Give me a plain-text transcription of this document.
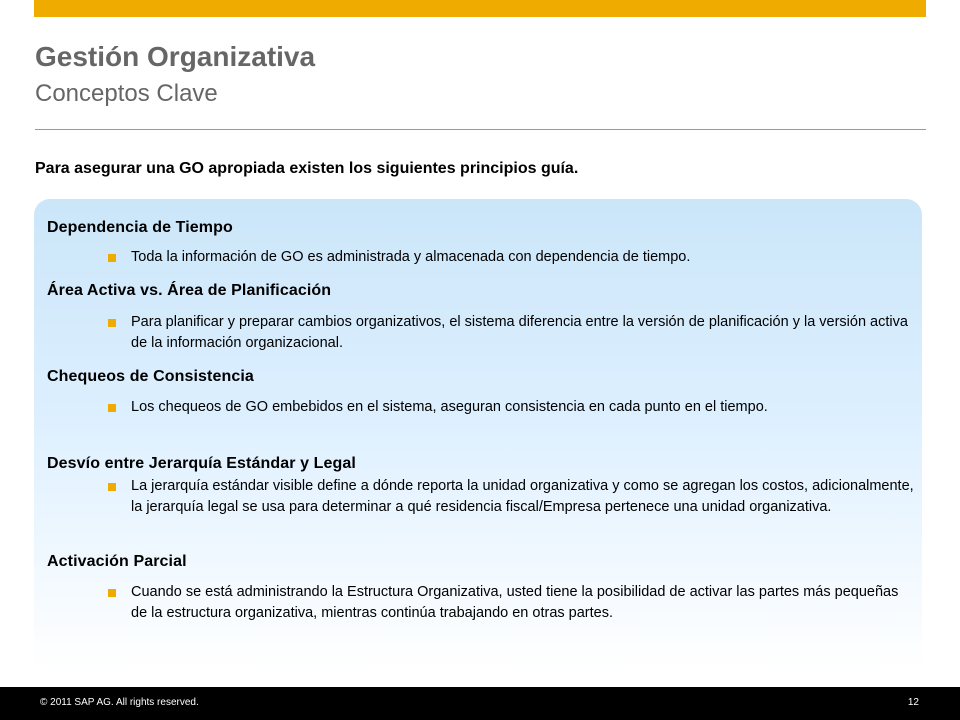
Gestión Organizativa
Conceptos Clave
Para asegurar una GO apropiada existen los siguientes principios guía.
Dependencia de Tiempo
Toda la información de GO es administrada y almacenada con dependencia de tiempo.
Área Activa vs. Área de Planificación
Para planificar y preparar cambios organizativos, el sistema diferencia entre la versión de planificación y la versión activa de la información organizacional.
Chequeos de Consistencia
Los chequeos de GO embebidos en el sistema, aseguran consistencia en cada punto en el tiempo.
Desvío entre Jerarquía Estándar y Legal
La jerarquía estándar visible define a dónde reporta la unidad organizativa y como se agregan los costos, adicionalmente, la jerarquía legal se usa para determinar a qué residencia fiscal/Empresa pertenece una unidad organizativa.
Activación Parcial
Cuando se está administrando la Estructura Organizativa, usted tiene la posibilidad de activar las partes más pequeñas de la estructura organizativa, mientras continúa trabajando en otras partes.
© 2011 SAP AG. All rights reserved.	12
